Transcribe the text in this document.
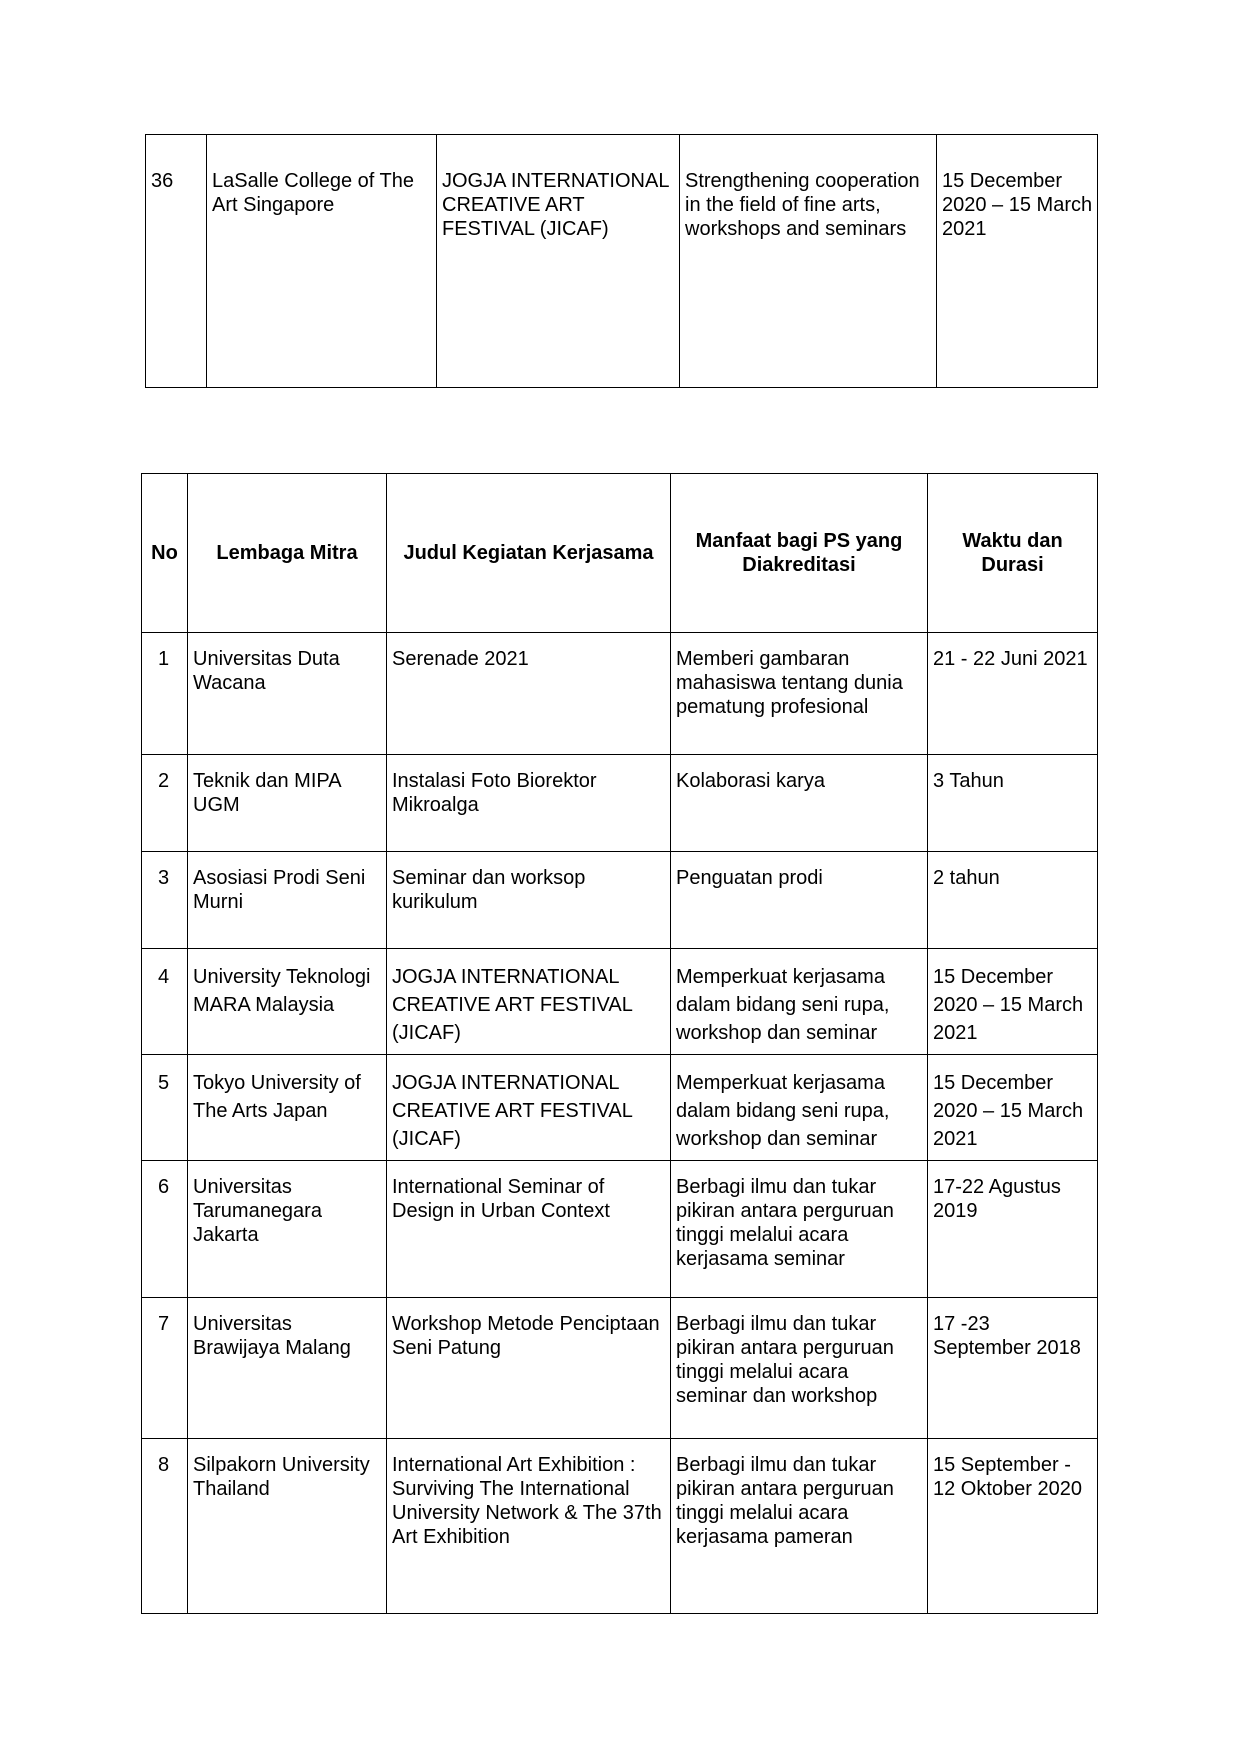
36	LaSalle College of The Art Singapore	JOGJA INTERNATIONAL CREATIVE ART FESTIVAL (JICAF)	Strengthening cooperation in the field of fine arts, workshops and seminars	15 December 2020 – 15 March 2021
No	Lembaga Mitra	Judul Kegiatan Kerjasama	Manfaat bagi PS yang Diakreditasi	Waktu dan Durasi
1	Universitas Duta Wacana	Serenade 2021	Memberi gambaran mahasiswa tentang dunia pematung profesional	21 - 22 Juni 2021
2	Teknik dan MIPA UGM	Instalasi Foto Biorektor Mikroalga	Kolaborasi karya	3 Tahun
3	Asosiasi Prodi Seni Murni	Seminar dan worksop kurikulum	Penguatan prodi	2 tahun
4	University Teknologi MARA Malaysia	JOGJA INTERNATIONAL CREATIVE ART FESTIVAL (JICAF)	Memperkuat kerjasama dalam bidang seni rupa, workshop dan seminar	15 December 2020 – 15 March 2021
5	Tokyo University of The Arts Japan	JOGJA INTERNATIONAL CREATIVE ART FESTIVAL (JICAF)	Memperkuat kerjasama dalam bidang seni rupa, workshop dan seminar	15 December 2020 – 15 March 2021
6	Universitas Tarumanegara Jakarta	International Seminar of Design in Urban Context	Berbagi ilmu dan tukar pikiran antara perguruan tinggi melalui acara kerjasama seminar	17-22 Agustus 2019
7	Universitas Brawijaya Malang	Workshop Metode Penciptaan Seni Patung	Berbagi ilmu dan tukar pikiran antara perguruan tinggi melalui acara seminar dan workshop	17 -23 September 2018
8	Silpakorn University Thailand	International Art Exhibition : Surviving The International University Network & The 37th Art Exhibition	Berbagi ilmu dan tukar pikiran antara perguruan tinggi melalui acara kerjasama pameran	15 September - 12 Oktober 2020
